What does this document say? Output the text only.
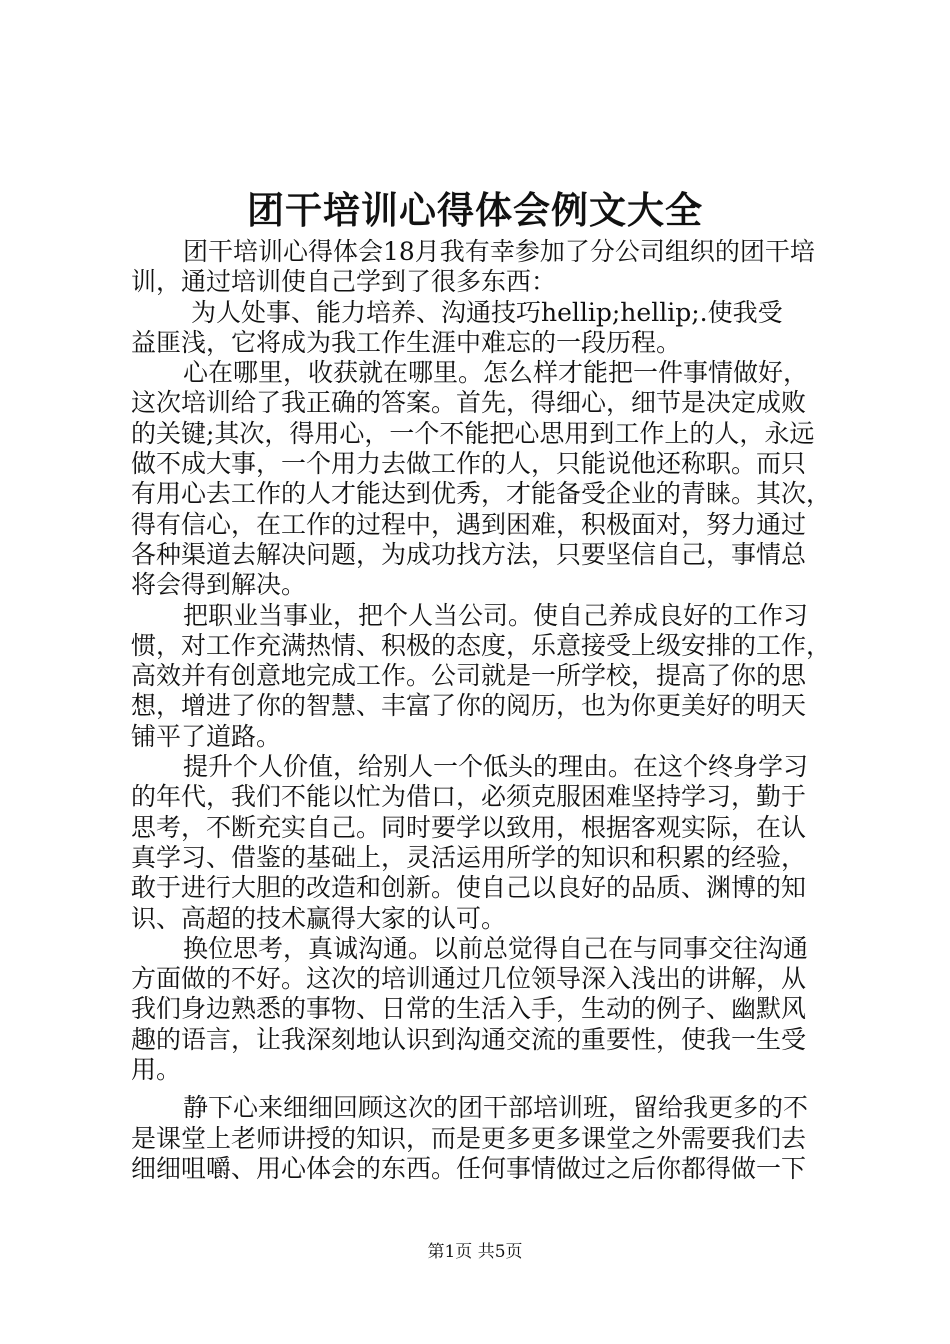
团干培训心得体会例文大全
团干培训心得体会18月我有幸参加了分公司组织的团干培
训，通过培训使自己学到了很多东西：
为人处事、能力培养、沟通技巧hellip;hellip;.使我受
益匪浅，它将成为我工作生涯中难忘的一段历程。
心在哪里，收获就在哪里。怎么样才能把一件事情做好，
这次培训给了我正确的答案。首先，得细心，细节是决定成败
的关键;其次，得用心，一个不能把心思用到工作上的人，永远
做不成大事，一个用力去做工作的人，只能说他还称职。而只
有用心去工作的人才能达到优秀，才能备受企业的青睐。其次，
得有信心，在工作的过程中，遇到困难，积极面对，努力通过
各种渠道去解决问题，为成功找方法，只要坚信自己，事情总
将会得到解决。
把职业当事业，把个人当公司。使自己养成良好的工作习
惯，对工作充满热情、积极的态度，乐意接受上级安排的工作，
高效并有创意地完成工作。公司就是一所学校，提高了你的思
想，增进了你的智慧、丰富了你的阅历，也为你更美好的明天
铺平了道路。
提升个人价值，给别人一个低头的理由。在这个终身学习
的年代，我们不能以忙为借口，必须克服困难坚持学习，勤于
思考，不断充实自己。同时要学以致用，根据客观实际，在认
真学习、借鉴的基础上，灵活运用所学的知识和积累的经验，
敢于进行大胆的改造和创新。使自己以良好的品质、渊博的知
识、高超的技术赢得大家的认可。
换位思考，真诚沟通。以前总觉得自己在与同事交往沟通
方面做的不好。这次的培训通过几位领导深入浅出的讲解，从
我们身边熟悉的事物、日常的生活入手，生动的例子、幽默风
趣的语言，让我深刻地认识到沟通交流的重要性，使我一生受
用。
静下心来细细回顾这次的团干部培训班，留给我更多的不
是课堂上老师讲授的知识，而是更多更多课堂之外需要我们去
细细咀嚼、用心体会的东西。任何事情做过之后你都得做一下
第1页 共5页
